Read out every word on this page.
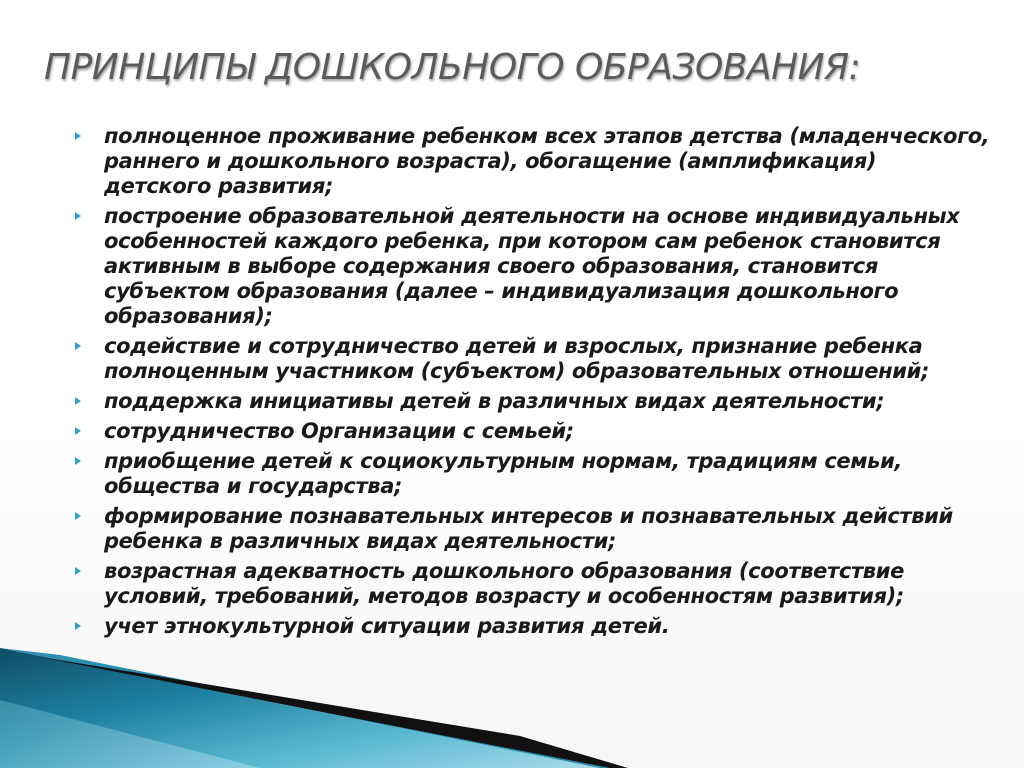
ПРИНЦИПЫ ДОШКОЛЬНОГО ОБРАЗОВАНИЯ:
полноценное проживание ребенком всех этапов детства (младенческого, раннего и дошкольного возраста), обогащение (амплификация) детского развития;
построение образовательной деятельности на основе индивидуальных особенностей каждого ребенка, при котором сам ребенок становится активным в выборе содержания своего образования, становится субъектом образования (далее – индивидуализация дошкольного образования);
содействие и сотрудничество детей и взрослых, признание ребенка полноценным участником (субъектом) образовательных отношений;
поддержка инициативы детей в различных видах деятельности;
сотрудничество Организации с семьей;
приобщение детей к социокультурным нормам, традициям семьи, общества и государства;
формирование познавательных интересов и познавательных действий ребенка в различных видах деятельности;
возрастная адекватность дошкольного образования (соответствие условий, требований, методов возрасту и особенностям развития);
учет этнокультурной ситуации развития детей.
